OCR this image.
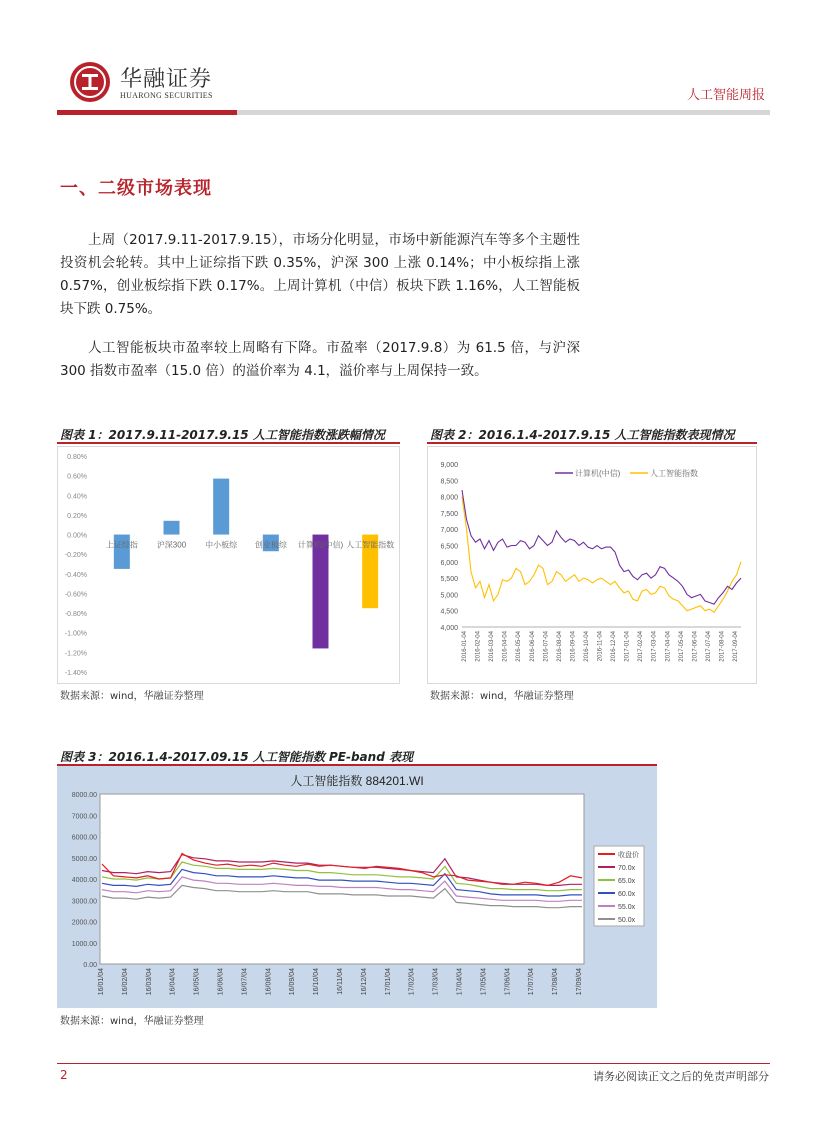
华融证券
HUARONG SECURITIES	人工智能周报
一、二级市场表现
上周（2017.9.11-2017.9.15），市场分化明显，市场中新能源汽车等多个主题性投资机会轮转。其中上证综指下跌 0.35%，沪深 300 上涨 0.14%；中小板综指上涨 0.57%，创业板综指下跌 0.17%。上周计算机（中信）板块下跌 1.16%，人工智能板块下跌 0.75%。
人工智能板块市盈率较上周略有下降。市盈率（2017.9.8）为 61.5 倍，与沪深 300 指数市盈率（15.0 倍）的溢价率为 4.1，溢价率与上周保持一致。
图表 1：2017.9.11-2017.9.15 人工智能指数涨跌幅情况
0.80%
0.60%
0.40%
0.20%
0.00%
-0.20%
-0.40%
-0.60%
-0.80%
-1.00%
-1.20%
-1.40%
上证综指 沪深300 中小板综 创业板综 计算机(中信) 人工智能指数
数据来源：wind，华融证券整理
图表 2：2016.1.4-2017.9.15 人工智能指数表现情况
9,000
8,500
8,000
7,500
7,000
6,500
6,000
5,500
5,000
4,500
4,000
2016-01-04 2016-02-04 2016-03-04 2016-04-04 2016-05-04 2016-06-04 2016-07-04 2016-08-04 2016-09-04 2016-10-04 2016-11-04 2016-12-04 2017-01-04 2017-02-04 2017-03-04 2017-04-04 2017-05-04 2017-06-04 2017-07-04 2017-08-04 2017-09-04
计算机(中信)	人工智能指数
数据来源：wind，华融证券整理
图表 3：2016.1.4-2017.09.15 人工智能指数 PE-band 表现
人工智能指数 884201.WI
8000.00
7000.00
6000.00
5000.00
4000.00
3000.00
2000.00
1000.00
0.00
16/01/04 16/02/04 16/03/04 16/04/04 16/05/04 16/06/04 16/07/04 16/08/04 16/09/04 16/10/04 16/11/04 16/12/04 17/01/04 17/02/04 17/03/04 17/04/04 17/05/04 17/06/04 17/07/04 17/08/04 17/09/04
收盘价
70.0x
65.0x
60.0x
55.0x
50.0x
数据来源：wind，华融证券整理
2	请务必阅读正文之后的免责声明部分
